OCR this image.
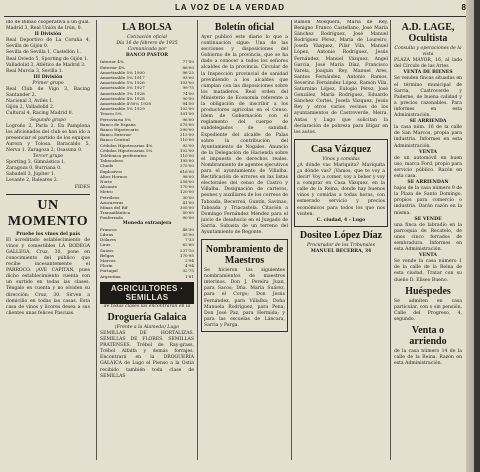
LA VOZ DE LA VERDAD	8

ido de Bilbao cooperativa a un gual. Madrid 3, Real Unión de Irún, 0.

II División

Real Deportivo de La Coruña 4, Sevilla de Gijón 0.

Sevilla de Sevilla 1, Castellón 1.

Real Oviedo 5, Sporting de Gijón 1.

Valladolid 3, Atlético de Madrid 3.

Real Murcia 3, Sevilla 1.

III División
Primer grupo

Real Club de Vigo 3, Racing Santander 2.

Nacional 3, Avilés 1.

Gijón 2, Valladolid 2.

Cultural 4, Racing Madrid 0.

Segundo grupo

Logroño 2, Parla 2. En Pamplona los aficionados del club se han ido a presenciar el partido de los equipos Aurora y Tolosa. Baracaldo 5, Nerva 1. Zaragoza 2, Osasuna 0.

Tercer grupo

Sporting 3, Gimnástica 1.

Zaragoza 0, Burriana 0.

Sabadell 3, Júpiter 1.

Levante 2, Baleares 2.

FIDES
UN MOMENTO
Pruebe los vinos del país

El acreditado establecimiento de vinos y comestibles LA BODEGA GALLEGA, Cruz, 30, pone en conocimiento del público que recibe incesantemente el PÁRROCO. ¡AVE CAPITAN, pues dicho establecimiento cuenta con un surtido en todas las clases. Téngalo en cuenta y no olviden su dirección: Cruz, 30. Sirven a domicilio en todas las casas. Esta casa de vinos y licores desea a sus clientes unas felices Pascuas.

LA BOLSA
Cotización oficial
Día 16 de febrero de 1935
Comunicada por
BANCO PASTOR
Interior 4%	77'50
Exterior 4%	86'00
Amortizable 5% 1900	96'25
Amortizable 5% 1917	93'00
Amortizable 5% 1926	103'00
Amortizable 5% 1927	99'75
Amortizable 3% 1928	74'00
Amortizable 4% 1928	90'50
Amortizable 4'50% 1928	94'50
Amortizable 5% 1929	102'00
Tesoro 5%	101'00
Ferroviaria 5%	96'00
Banco de España	575'00
Banco Hipotecario	290'00
Banco Exterior	215'00
Banco Central	110'00
Cédulas Hipotecarias 4%	92'00
Cédulas Hipotecarias 5%	102'00
Teléfonica preferentes	110'00
Tabacalera	195'00
Chade	375'00
Explosivos	616'00
Altos Hornos	98'00
Norte	258'00
Alicante	170'00
Metro	120'00
Petróleos	30'00
Azucareras	41'00
Minas del Rif	305'00
Transatlántica	50'00
Ponferrada	90'00
Moneda extranjera
Francos	48'30
Libras	35'90
Dólares	7'33
Liras	62'60
Suizos	237'10
Belgas	170'95
Marcos	2'94
Florín	4'94
Portugal	32'75
Argentina	1'81
AGRICULTORES · SEMILLAS
de todas clases las encontrarán en la
Droguería Galaica
(Frente a la Alameda) Lugo

SEMILLAS DE HORTALIZAS. SEMILLAS DE FLORES. SEMILLAS PRATENSES. Trébol de Ray-grass, Trébol Alfalfa y demás forrajes. Encontrará en la DROGUERÍA GALAICA de Lugo el Pienso a la Ostia recibido también toda clase de SEMILLAS

Boletín oficial

Ayer publicó este diario lo que a continuación sigue: Una de las secciones y disposiciones del Gobierno de la provincia, que se ha dado a conocer a todos los señores alcaldes de la provincia. Circular de la Inspección provincial de sanidad previniendo a los alcaldes que cumplan con las disposiciones sobre los mataderos. Real orden del Ministerio de Economía referente a la obligación de inscribir a los productores agrícolas en el Censo. Idem de Gobernación con el reglamento del cuerpo de subdelegados de sanidad. Expediente del alcalde de Palas sobre la contribución del Ayuntamiento de Nogales. Anuncio de la Delegación de Hacienda sobre el impuesto de derechos reales. Nombramiento de agentes ejecutivos para el ayuntamiento de Villalba. Rectificación de errores en las listas electorales del censo de Castro y Villalba. Designación de carteros, peones y auxiliares de los correos de Taboada, Becerreá, Guntín, Savinao, Taboada y Triacastela. Citación a Domingo Fernández Méndez para el juicio de desahucio en el Juzgado de Sarria. Subasta de un terreno del Ayuntamiento de Begonte.

Nombramiento de Maestros

Se hicieron los siguientes nombramientos de maestros interinos. Don J. Pereira Juan, para Sacos; Dña. María Suárez, para el Corgo; Don Jesús Fernández, para Villalba; Doña Manuela Rodríguez, para Pena; Don José Paz, para Hermida; y para las escuelas de Láncara, Sarria y Parga.

Ramón Mosquera, María de Rey, Benigno Franco Castellano, José María Sánchez Rodríguez, José Manuel Rodríguez Pérez, María de Loureiro, Josefa Vázquez, Pilar Vila, Manuel López, Antonio Rodríguez, Jesús Fernández, Manuel Vázquez, Angel García, José María Díaz, Francisco Varela, Joaquín Rey, Manuel Ares, Santos Fernández, Antonio Ramos, Severino Fernández López, Ramón Vila, Saturnino López, Eulogio Pérez, José González, María Rodríguez, Eduardo Sánchez Cortes, Josefa Vázquez, Jesús Rey y otros varios vecinos de los ayuntamientos de Castroverde, Meira, Antas y Lugo que solicitan la declaración de pobreza para litigar en los autos.

Casa Vázquez
Vinos y comidas

¿A dónde vas Mariquita? Mariquita ¿a dónde vas? ¡Vamos, que te voy a decir! Voy a comer, voy a beber y voy a comprar en Casa Vázquez, en la calle de la Reina, donde hay buenos vinos y comidas a todas horas, con esmerado servicio y precios económicos para todos los que nos visiten.

C. ciudad, 4 - Lugo
Dositeo López Díaz
Procurador de los Tribunales
MANUEL BECERRA, 34
A.D. LAGE, Ocultista
Consulta y operaciones de la vista

PLAZA MAYOR, 16, al lado del Círculo de las Artes

VENTA DE BIENES

Se venden fincas situadas en el término municipal de Sarria, Castroverde y Paderne, de buena calidad y a precios razonables. Para informes en esta Administración.

SE ARRIENDA

la casa núm. 16 de la calle de San Marcos, propia para industria. Informes en esta Administración.

VENTA

de un automóvil en buen uso, marca Ford, propio para servicio público. Razón en esta casa.

SE ARRIENDAN

bajos de la casa número 9 de la Plaza de Santo Domingo, propios para comercio o industria. Darán razón en la misma.

SE VENDE

una finca de labradío en la parroquia de Recatelo, de unos cinco ferrados de sembradura. Informes en esta Administración.

VENTA

Se vende la casa número 1 de la calle de la Reina de esta ciudad. Tratar con su dueño D. Eliseo Bueno.

Huéspedes

Se admiten en casa particular, con o sin pensión. Calle del Progreso, 4, segundo.

Venta o arriendo

de la casa número 14 de la calle de la Reina. Razón en esta Administración.
